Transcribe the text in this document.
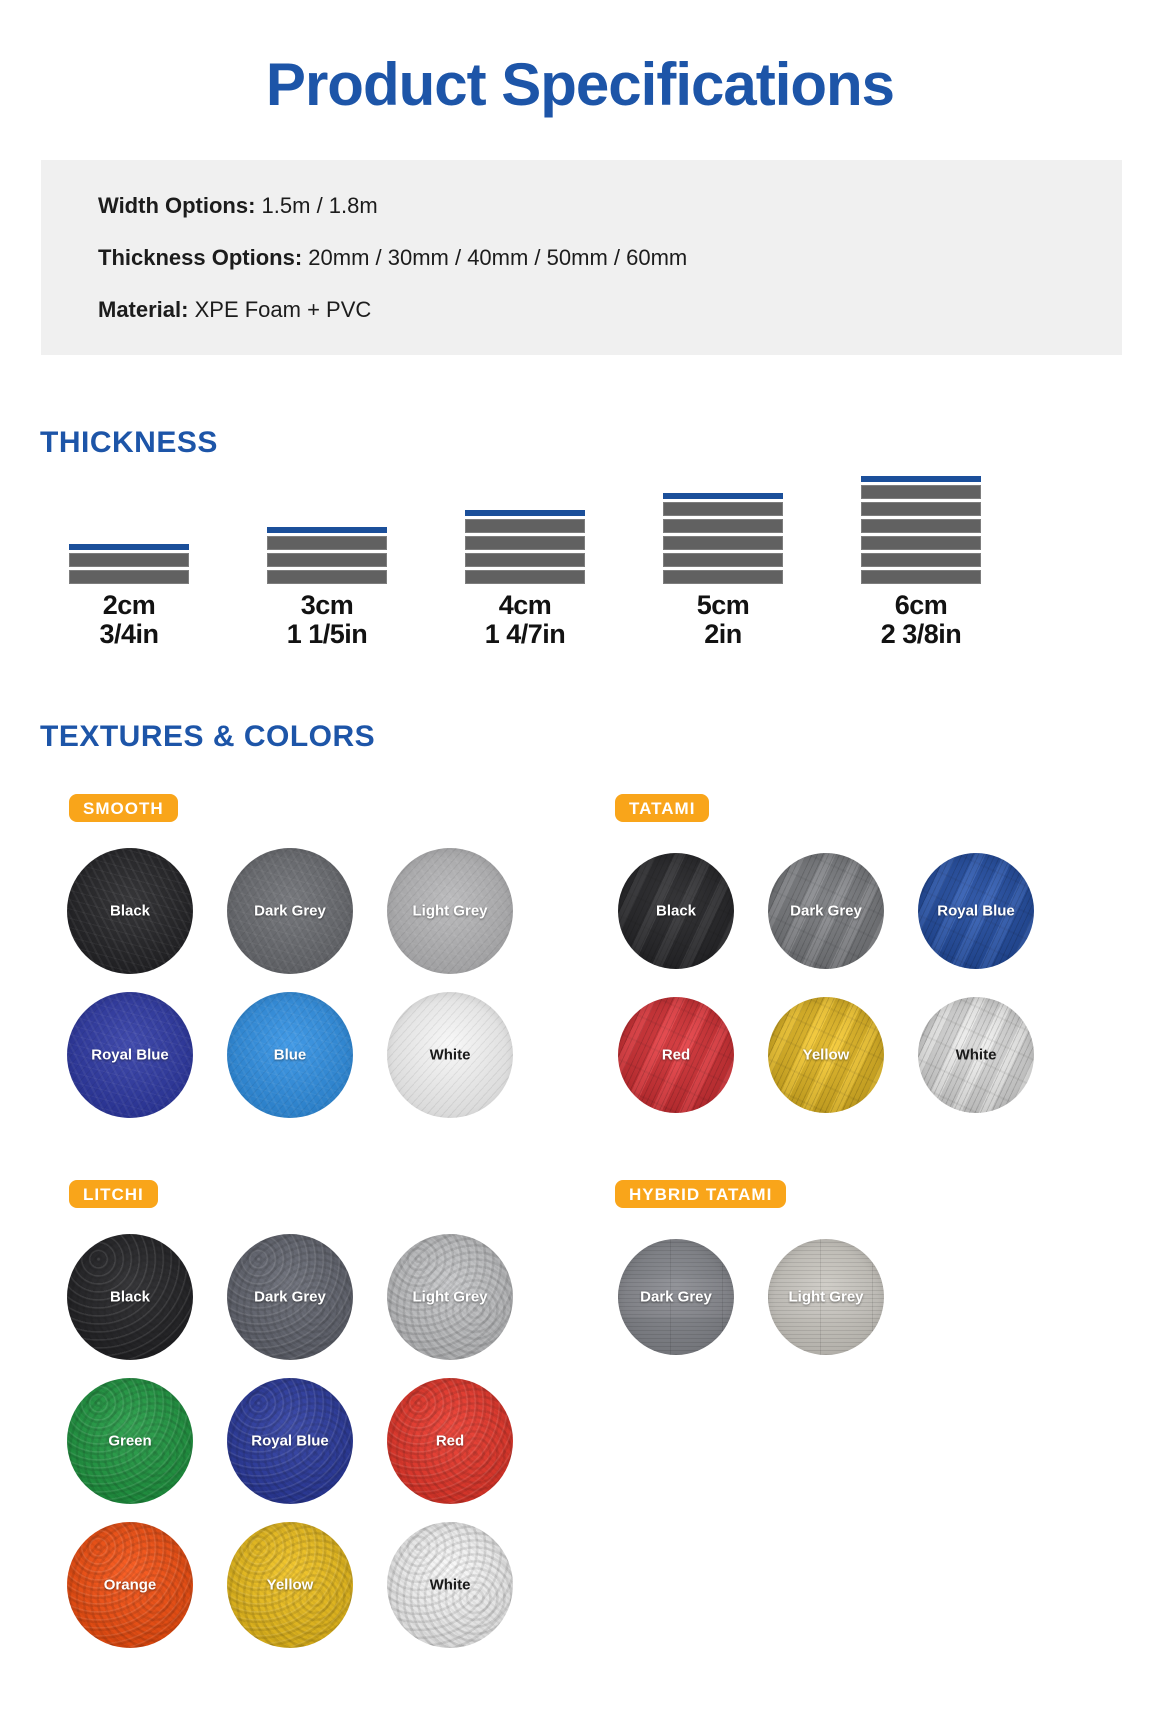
Product Specifications

Width Options: 1.5m / 1.8m

Thickness Options: 20mm / 30mm / 40mm / 50mm / 60mm

Material: XPE Foam + PVC

THICKNESS
2cm
3/4in
3cm
1 1/5in
4cm
1 4/7in
5cm
2in
6cm
2 3/8in
TEXTURES & COLORS
SMOOTH
Black	Dark Grey	Light Grey
Royal Blue	Blue	White
LITCHI
Black	Dark Grey	Light Grey
Green	Royal Blue	Red
Orange	Yellow	White
TATAMI
Black	Dark Grey	Royal Blue
Red	Yellow	White
HYBRID TATAMI
Dark Grey	Light Grey
